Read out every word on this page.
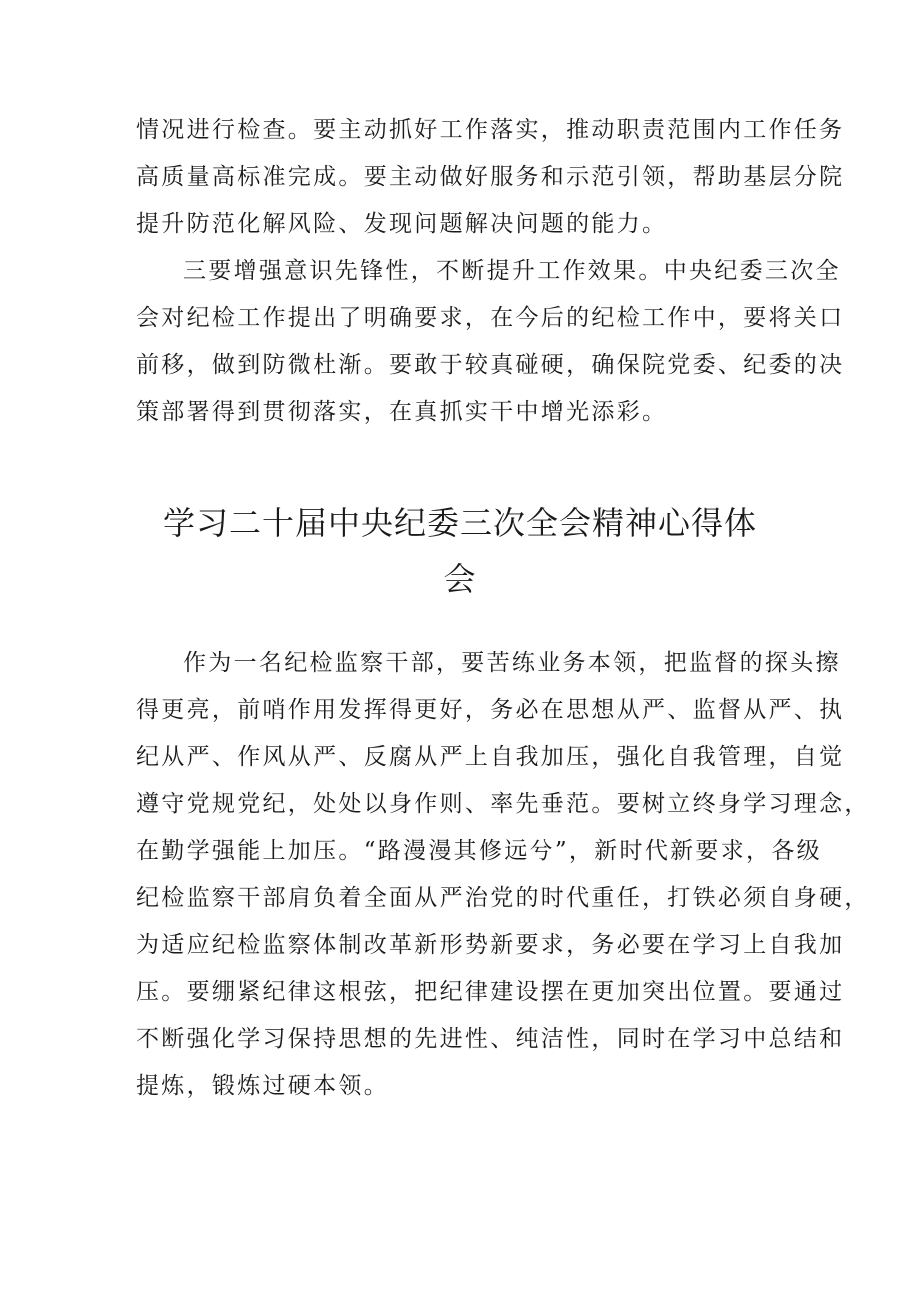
情况进行检查。要主动抓好工作落实，推动职责范围内工作任务
高质量高标准完成。要主动做好服务和示范引领，帮助基层分院
提升防范化解风险、发现问题解决问题的能力。

三要增强意识先锋性，不断提升工作效果。中央纪委三次全
会对纪检工作提出了明确要求，在今后的纪检工作中，要将关口
前移，做到防微杜渐。要敢于较真碰硬，确保院党委、纪委的决
策部署得到贯彻落实，在真抓实干中增光添彩。

学习二十届中央纪委三次全会精神心得体
会

作为一名纪检监察干部，要苦练业务本领，把监督的探头擦
得更亮，前哨作用发挥得更好，务必在思想从严、监督从严、执
纪从严、作风从严、反腐从严上自我加压，强化自我管理，自觉
遵守党规党纪，处处以身作则、率先垂范。要树立终身学习理念，
在勤学强能上加压。“路漫漫其修远兮”，新时代新要求，各级
纪检监察干部肩负着全面从严治党的时代重任，打铁必须自身硬，
为适应纪检监察体制改革新形势新要求，务必要在学习上自我加
压。要绷紧纪律这根弦，把纪律建设摆在更加突出位置。要通过
不断强化学习保持思想的先进性、纯洁性，同时在学习中总结和
提炼，锻炼过硬本领。
